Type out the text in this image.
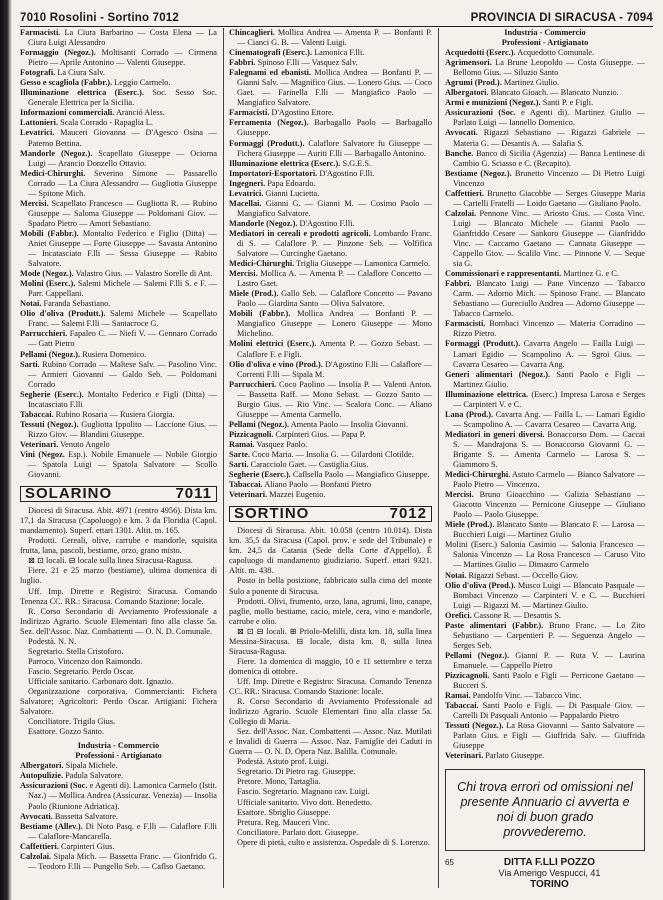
7010 Rosolini - Sortino 7012	PROVINCIA DI SIRACUSA - 7094

Farmacisti. La Ciura Barbarino — Costa Elena — La Ciura Luigi Alessandro

Formaggio (Negoz.). Moltisanti Corrado — Cirmena Pietro — Aprile Antonino — Valenti Giuseppe.

Fotografi. La Ciura Salv.

Gesso e scagliola (Fabbr.). Leggio Carmelo.

Illuminazione elettrica (Eserc.). Soc. Sesso Soc. Generale Elettrica per la Sicilia.

Informazioni commerciali. Aranció Aless.

Lattonieri. Scala Corrado - Rapaglia L.

Levatrici. Mauceri Giovanna — D'Agesco Osina — Paterno Bettina.

Mandorle (Negoz.). Scapellato Giuseppe — Ociorna Luigi — Arancio Donzello Ottavio.

Medici-Chirurghi. Severino Simone — Passarello Corrado — La Ciura Alessandro — Gugliotta Giuseppe — Spitone Mich.

Mercisi. Scapellato Francesco — Gugliotta R. — Rubino Giuseppe — Saloma Giuseppe — Poldomani Giov. — Spadaro Pietro — Amori Sebastiano.

Mobili (Fabbr.). Montalto Federico e Figlio (Ditta) — Aniet Giuseppe — Forte Giuseppe — Savasta Antonino — Incatasciato F.lli — Sessa Giuseppe — Rabito Salvatore.

Mode (Negoz.). Valastro Gius. — Valastro Sorelle di Ant.

Molini (Eserc.). Salemi Michele — Salemi F.lli S. e F. — Parr. Cappellani.

Notai. Faranda Sebastiano.

Olio d'oliva (Produtt.). Salemi Michele — Scapellato Franc. — Salemi F.lli — Santacroce G.

Parrucchieri. Fapaleo C. — Niefi V. — Gennaro Corrado — Gatt Pietro

Pellami (Negoz.). Rusiera Domenico.

Sarti. Rubino Corrado — Maltese Salv. — Pasolino Vinc. — Armieri Giovanni — Galdo Seb. — Poldomani Corrado

Segherie (Eserc.). Montalto Federico e Figli (Ditta) — Incatasciato F.lli

Tabaccai. Rubino Rosaria — Rusiera Giorgia.

Tessuti (Negoz.). Gugliotta Ippolito — Laccione Gius. — Rizzo Giov. — Blandini Giuseppe.

Veterinari. Venuto Angelo

Vini (Negoz. Esp.). Nobile Emanuele — Nobile Giorgio — Spatola Luigi — Spatola Salvatore — Scollo Giovanni.

SOLARINO	7011

Diocesi di Siracusa. Abit. 4971 (centro 4956). Dista km. 17,1 da Siracusa (Capoluogo) e km. 3 da Floridia (Capol. mandamento). Superf. ettari 1301. Altit. m. 165.

Prodotti. Cereali, olive, carrube e mandorle, squisita frutta, lana, pascoli, bestiame, orzo, grano misto.

⊠ ⊡ locali. ⊟ locale sulla linea Siracusa-Ragusa.

Fiere. 21 e 25 marzo (bestiame), ultima domenica di luglio.

Uff. Imp. Dirette e Registro: Siracusa. Comando Tenenza CC. RR.: Siracusa. Comando Stazione: locale.

R. Corso Secondario di Avviamento Professionale a Indirizzo Agrario. Scuole Elementari fino alla classe 5a. Sez. dell'Assoc. Naz. Combattenti — O. N. D. Comunale.

Podestà. N. N.

Segretario. Stella Cristoforo.

Parroco. Vincenzo don Raimondo.

Fascio. Segretario. Perdo Oscar.

Ufficiale sanitario. Carbonaro dott. Ignazio.

Organizzazione corporativa. Commercianti: Fichera Salvatore; Agricoltori: Perdo Oscar. Artigiani: Fichera Salvatore.

Conciliatore. Trigila Gius.

Esattore. Gozzo Santo.

Industria - Commercio

Professioni - Artigianato

Albergatori. Sipala Michele.

Autopulizie. Padula Salvatore.

Assicurazioni (Soc. e Agenti di). Lamonica Carmelo (Istit. Naz.) — Mollica Andrea (Assicuraz. Venezia) — Insolia Paolo (Riunione Adriatica).

Avvocati. Bassetta Salvatore.

Bestiame (Allev.). Di Noto Pasq. e F.lli — Calaflore F.lli — Calaflore-Mancarella.

Caffettieri. Carpinteri Gius.

Calzolai. Sipala Mich. — Bassetta Franc. — Gionfrido G. — Teodoro F.lli — Pungello Seb. — Caflso Gaetano.

Chincaglieri. Mollica Andrea — Amenta P. — Bonfanti P. — Cianci G. B. — Valenti Luigi.

Cinematografi (Eserc.). Lamonica F.lli.

Fabbri. Spinoso F.lli — Vasquez Salv.

Falegnami ed ebanisti. Mollica Andrea — Bonfanti P. — Gianni Salv. — Magnifico Gius. — Lonero Gius. — Coco Gaet. — Farinella F.lli — Mangiafico Paolo — Mangiafico Salvatore.

Farmacisti. D'Agostino Ettore.

Ferramenta (Negoz.). Barbagallo Paolo — Barbagallo Giuseppe.

Formaggi (Produtt.). Calaflore Salvatore fu Giuseppe — Fichera Giuseppe — Auriti F.lli — Barbagallo Antonino.

Illuminazione elettrica (Eserc.). S.G.E.S.

Importatori-Esportatori. D'Agostino F.lli.

Ingegneri. Papa Edoardo.

Levatrici. Gianni Lucietta.

Macellai. Gianni G. — Gianni M. — Cosimo Paolo — Mangiafico Salvatore.

Mandorle (Negoz.). D'Agostino F.lli.

Mediatori in cereali e prodotti agricoli. Lombardo Franc. di S. — Calaflore P. — Pinzone Seb. — Volfifica Salvatore — Curcinghe Gaetano.

Medici-Chirurghi. Triglia Giuseppe — Lamonica Carmelo.

Mercisi. Mollica A. — Amenta P. — Calaflore Concetto — Lastro Gaet.

Miele (Prod.). Gallo Seb. — Calaflore Concetto — Pavano Paolo — Giardina Santo — Oliva Salvatore.

Mobili (Fabbr.). Mollica Andrea — Bonfanti P. — Mangiafico Giuseppe — Lonero Giuseppe — Mono Michelino.

Molini elettrici (Eserc.). Amenta P. — Gozzo Sebast. — Calaflore F. e Figli.

Olio d'oliva e vino (Prod.). D'Agostino F.lli — Calaflore — Correnti F.lli — Sipala M.

Parrucchieri. Coco Paolino — Insolia P. — Valenti Anton. — Bassetta Raff. — Mono Sebast. — Gozzo Santo — Burgio Gius. — Rio Vinc. — Scalora Conc. — Aliano Giuseppe — Amenta Carmello.

Pellami (Negoz.). Amenta Paolo — Insolia Giovanni.

Pizzicagnoli. Carpinteri Gius. — Papa P.

Ramai. Vasquez Paolo.

Sarte. Coco Maria. — Insolia G. — Gilardoni Clotilde.

Sarti. Caracciolo Gaet. — Castiglia Gius.

Segherie (Eserc.). Caflsella Paolo — Mangiafico Giuseppe.

Tabaccai. Aliano Paolo — Bonfanti Pietro

Veterinari. Mazzei Eugenio.

SORTINO	7012

Diocesi di Siracusa. Abit. 10.058 (centro 10.014). Dista km. 35,5 da Siracusa (Capol. prov. e sede del Tribunale) e km. 24,5 da Catania (Sede della Corte d'Appello). È capoluogo di mandamento giudiziario. Superf. ettari 9321. Altit. m. 438.

Posto in bella posizione, fabbricato sulla cima del monte Sulo a ponente di Siracusa.

Prodotti. Olivi, frumento, orzo, lana, agrumi, lino, canape, paglie, mollo bestiame, cacio, miele, cera, vino e mandorle, carrube e olio.

⊠ ⊡ ⊟ locali. ⊞ Priolo-Melilli, dista km. 18, sulla linea Messina-Siracusa. ⊟ locale, dista km. 8, sulla linea Siracusa-Ragusa.

Fiere. 1a domenica di maggio, 10 e 11 settembre e terza domenica di ottobre.

Uff. Imp. Dirette e Registro: Siracusa. Comando Tenenza CC. RR.: Siracusa. Comando Stazione: locale.

R. Corso Secondario di Avviamento Professionale ad Indirizzo Agrario. Scuole Elementari fino alla classe 5a. Collegio di Maria.

Sez. dell'Assoc. Naz. Combattenti — Assoc. Naz. Mutilati e Invalidi di Guerra — Assoc. Naz. Famiglie dei Caduti in Guerra — O. N. D. Opera Naz. Balilla. Comunale.

Podestà. Astuto prof. Luigi.

Segretario. Di Pietro rag. Giuseppe.

Pretore. Mono, Tartaglia.

Fascio. Segretario. Magnano cav. Luigi.

Ufficiale sanitario. Vivo dott. Benedetto.

Esattore. Sbriglio Giuseppe.

Pretura. Reg. Mauceri Vinc.

Conciliatore. Parlato dott. Giuseppe.

Opere di pietà, culto e assistenza. Ospedale di S. Lorenzo.

Industria - Commercio

Professioni - Artigianato

Acquedotti (Eserc.). Acquedotto Comunale.

Agrimensori. La Brune Leopoldo — Costa Giuseppe. — Bellomo Gius. — Siluzio Santo

Agrumi (Prod.). Martinez Giulio.

Albergatori. Blancato Gioach. — Blancato Nunzio.

Armi e munizioni (Negoz.). Santi P. e Figli.

Assicurazioni (Soc. e Agenti di). Martinez Giulio — Parlato Luigi — Iannello Domenico.

Avvocati. Rigazzi Sebastiano — Rigazzi Gabriele — Materia G. — Desantis A. — Salafia S.

Banche. Banco di Sicilia (Agenzia) — Banca Lentinese di Cambio G. Sciasso e C. (Recapito).

Bestiame (Negoz.). Brunetto Vincenzo — Di Pietro Luigi Vincenzo

Caffettieri. Brunetto Giacobbe — Serges Giuseppe Maria — Cartelli Fratelli — Loido Gaetano — Giuliano Paolo.

Calzolai. Pennone Vinc. — Ariosto Gius. — Costa Vinc. Luigi — Blancato Michele — Gianni Paolo — Gianfriddo Cesare — Sankoro Giuseppe — Gianfriddo Vinc. — Caccamo Gaetano — Cannata Giuseppe — Cappello Giov. — Scalilo Vinc. — Pinnone V. — Seque sia G.

Commissionari e rappresentanti. Martinez G. e C.

Fabbri. Blancato Luigi — Pane Vincenzo — Tabacco Carm. — Adorno Mich. — Spinoso Franc. — Blancato Sebastiano — Gureciullo Andrea — Adorno Giuseppe — Tabacco Carmelo.

Farmacisti. Bombaci Vincenzo — Materia Corradino — Rizzo Pietro.

Formaggi (Produtt.). Cavarra Angelo — Failla Luigi — Lamari Egidio — Scampolino A. — Sgroi Gius. — Cavarra Cesareo — Cavarra Ang.

Generi alimentari (Negoz.). Santi Paolo e Figli — Martinez Giulio.

Illuminazione elettrica. (Eserc.) Impresa Larosa e Serges — Carpinteri V. e C.

Lana (Prod.). Cavarra Ang. — Failla L. — Lamari Egidio — Scampolino A. — Cavarra Cesareo — Cavarra Ang.

Mediatori in generi diversi. Bonaccorso Dom. — Caccai S. — Mandrajona S. — Bonaccorso Giovanni G. — Brigante S. — Amenta Carmelo — Larosa S. — Giammoro S.

Medici-Chirurghi. Astuto Carmelo — Bianco Salvatore — Paolo Pietro — Vincenzo.

Mercisi. Bruno Gioacchino — Galizia Sebastiano — Giacotto Vincenzo — Pernicone Giuseppe — Giuliano Paolo — Paolo Giuseppe.

Miele (Prod.). Blancato Santo — Blancato F. — Larosa — Bucchieri Luigi — Martinez Giulio

Molini (Eserc.) Salonia Casimio — Salonia Francesco — Salonia Vincenzo — La Rosa Francesco — Caruso Vito — Martines Giulio — Dimauro Carmelo

Notai. Rigazzi Sebast. — Occello Giov.

Olio d'oliva (Prod.). Musco Luigi — Blancato Pasquale — Bombaci Vincenzo — Carpinteri V. e C. — Bucchieri Luigi — Rigazzi M. — Martinez Giulio.

Orefici. Cassone R. — Desantis S.

Paste alimentari (Fabbr.). Bruno Franc. — Lo Zito Sebastiano — Carpentieri P. — Seguenza Angelo — Serges Seb.

Pellami (Negoz.). Gianni P. — Ruta V. — Laurina Emanuele. — Cappello Pietro

Pizzicagnoli. Santi Paolo e Figli — Perricone Gaetano — Bucceri S.

Ramai. Pandolfo Vinc. — Tabacco Vinc.

Tabaccai. Santi Paolo e Figli. — Di Pasquale Giov. — Cartelli Di Pasquali Antonio — Pappalardo Pietro

Tessuti (Negoz.). La Rosa Giovanni — Santo Salvatore — Parlato Gius. e Figli — Giuffrida Salv. — Giuffrida Giuseppe

Veterinari. Parlato Giuseppe.

Chi trova errori od omissioni nel presente Annuario ci avverta e noi di buon grado provvederemo.
65	DITTA F.LLI POZZO
Via Amerigo Vespucci, 41
TORINO
